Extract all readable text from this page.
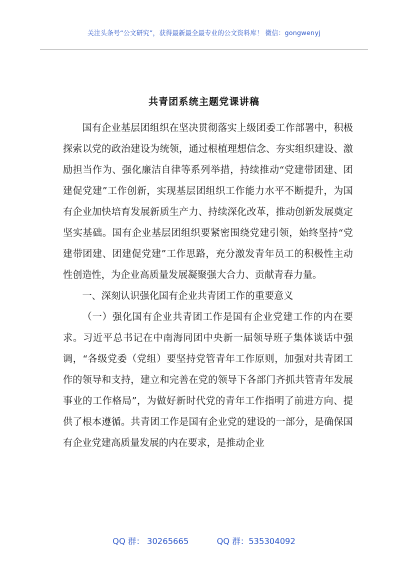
关注头条号“公文研究”，获得最新最全最专业的公文资料库！ 微信：gongwenyj
共青团系统主题党课讲稿

国有企业基层团组织在坚决贯彻落实上级团委工作部署中，积极探索以党的政治建设为统领，通过根植理想信念、夯实组织建设、激励担当作为、强化廉洁自律等系列举措，持续推动“党建带团建、团建促党建”工作创新，实现基层团组织工作能力水平不断提升，为国有企业加快培育发展新质生产力、持续深化改革，推动创新发展奠定坚实基础。国有企业基层团组织要紧密围绕党建引领，始终坚持“党建带团建、团建促党建”工作思路，充分激发青年员工的积极性主动性创造性，为企业高质量发展凝聚强大合力、贡献青春力量。

一、深刻认识强化国有企业共青团工作的重要意义

（一）强化国有企业共青团工作是国有企业党建工作的内在要求。习近平总书记在中南海同团中央新一届领导班子集体谈话中强调，“各级党委（党组）要坚持党管青年工作原则，加强对共青团工作的领导和支持，建立和完善在党的领导下各部门齐抓共管青年发展事业的工作格局”，为做好新时代党的青年工作指明了前进方向、提供了根本遵循。共青团工作是国有企业党的建设的一部分，是确保国有企业党建高质量发展的内在要求，是推动企业

QQ 群： 30265665	QQ 群：535304092
